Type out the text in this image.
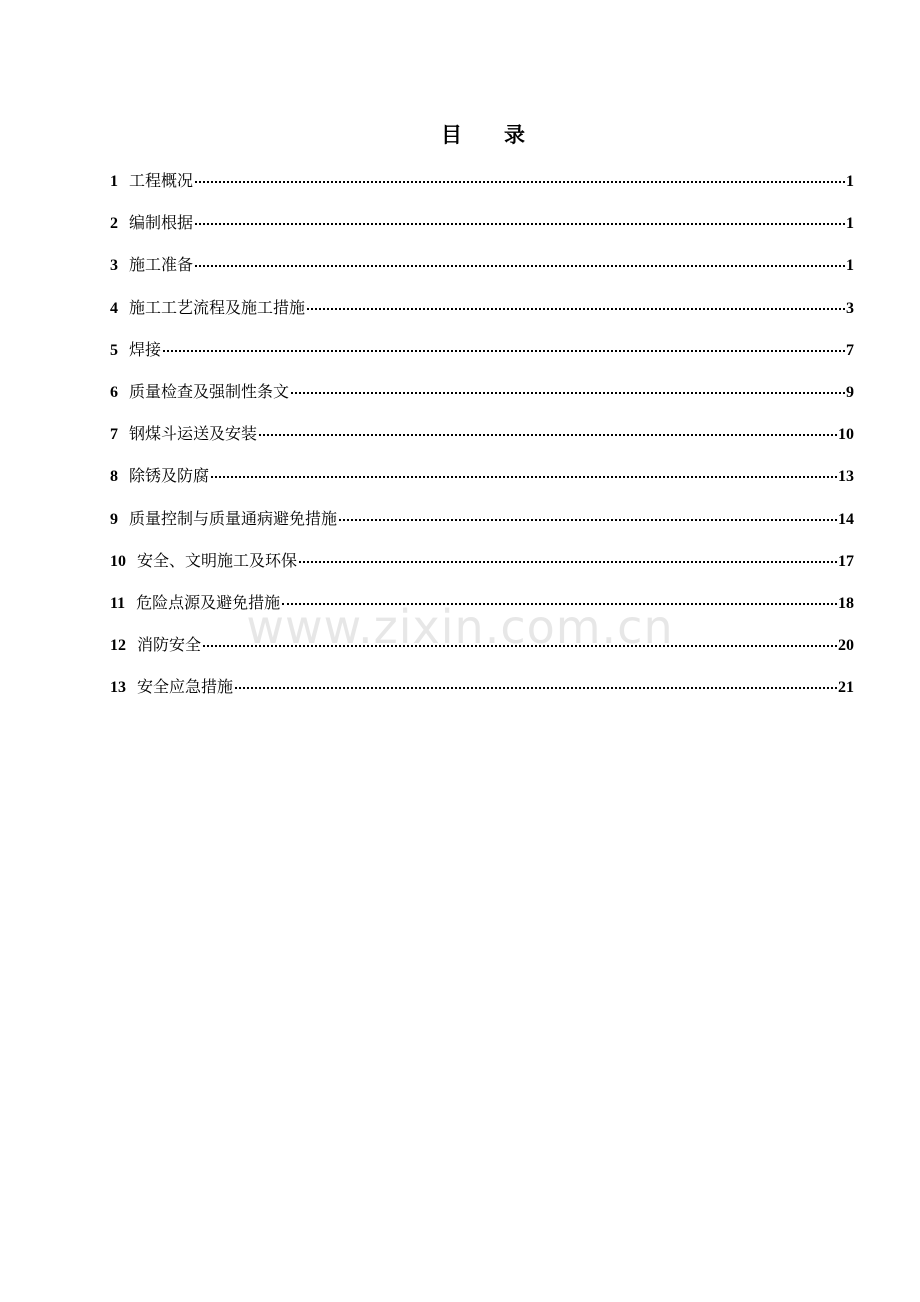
目 录
1 工程概况	1
2 编制根据	1
3 施工准备	1
4 施工工艺流程及施工措施	3
5 焊接	7
6 质量检查及强制性条文	9
7 钢煤斗运送及安装	10
8 除锈及防腐	13
9 质量控制与质量通病避免措施	14
10 安全、文明施工及环保	17
11 危险点源及避免措施	18
12 消防安全	20
13 安全应急措施	21
www.zixin.com.cn
